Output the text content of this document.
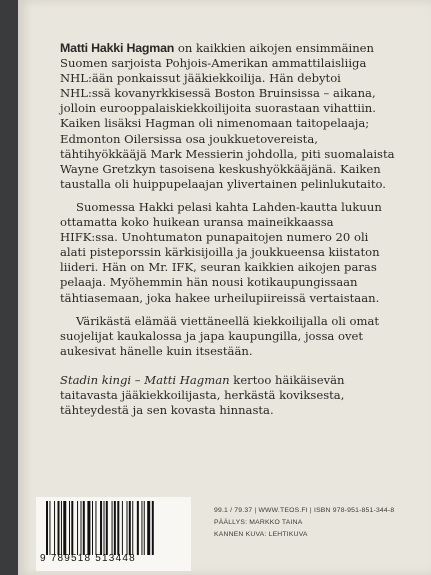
Matti Hakki Hagman on kaikkien aikojen ensimmäinen Suomen sarjoista Pohjois-Amerikan ammattilaisliiga NHL:ään ponkaissut jääkiekkoilija. Hän debytoi NHL:ssä kovanyrkkisessä Boston Bruinsissa – aikana, jolloin eurooppalaiskiekkoilijoita suorastaan vihattiin. Kaiken lisäksi Hagman oli nimenomaan taitopelaaja; Edmonton Oilersissa osa joukkuetovereista, tähtihyökkääjä Mark Messierin johdolla, piti suomalaista Wayne Gretzkyn tasoisena keskushyökkääjänä. Kaiken taustalla oli huippupelaajan ylivertainen pelinlukutaito.

Suomessa Hakki pelasi kahta Lahden-kautta lukuun ottamatta koko huikean uransa maineikkaassa HIFK:ssa. Unohtumaton punapaitojen numero 20 oli alati pisteporssin kärkisijoilla ja joukkueensa kiistaton liideri. Hän on Mr. IFK, seuran kaikkien aikojen paras pelaaja. Myöhemmin hän nousi kotikaupungissaan tähtiasemaan, joka hakee urheilupiireissä vertaistaan.

Värikästä elämää viettäneellä kiekkoilijalla oli omat suojelijat kaukalossa ja japa kaupungilla, jossa ovet aukesivat hänelle kuin itsestään.

Stadin kingi – Matti Hagman kertoo häikäisevän taitavasta jääkiekkoilijasta, herkästä koviksesta, tähteydestä ja sen kovasta hinnasta.

9 789518 513448
99.1 / 79.37 | WWW.TEOS.FI | ISBN 978-951-851-344-8
PÄÄLLYS: MARKKO TAINA
KANNEN KUVA: LEHTIKUVA
